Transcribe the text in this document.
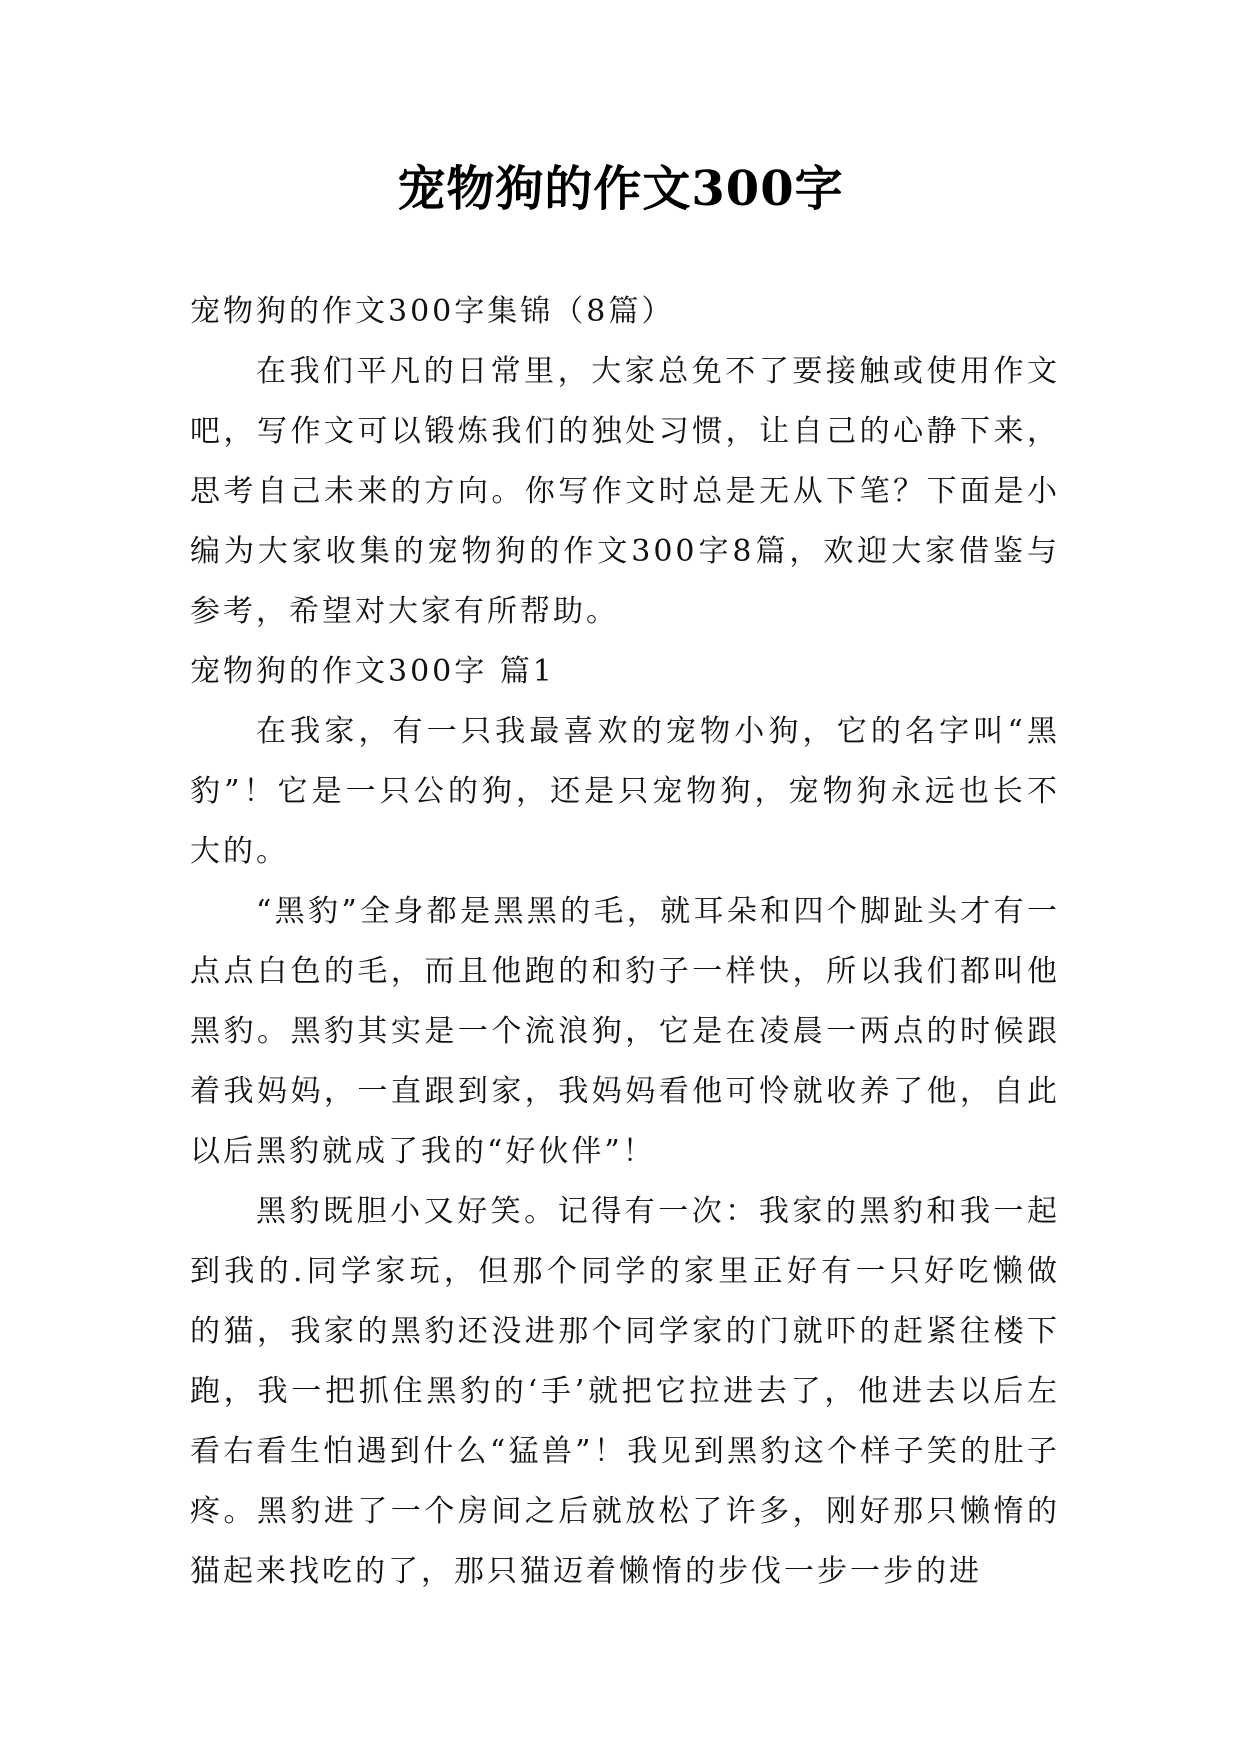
宠物狗的作文300字

宠物狗的作文300字集锦（8篇）

在我们平凡的日常里，大家总免不了要接触或使用作文吧，写作文可以锻炼我们的独处习惯，让自己的心静下来，思考自己未来的方向。你写作文时总是无从下笔？下面是小编为大家收集的宠物狗的作文300字8篇，欢迎大家借鉴与参考，希望对大家有所帮助。

宠物狗的作文300字 篇1

在我家，有一只我最喜欢的宠物小狗，它的名字叫“黑豹”！它是一只公的狗，还是只宠物狗，宠物狗永远也长不大的。

“黑豹”全身都是黑黑的毛，就耳朵和四个脚趾头才有一点点白色的毛，而且他跑的和豹子一样快，所以我们都叫他黑豹。黑豹其实是一个流浪狗，它是在凌晨一两点的时候跟着我妈妈，一直跟到家，我妈妈看他可怜就收养了他，自此以后黑豹就成了我的“好伙伴”！

黑豹既胆小又好笑。记得有一次：我家的黑豹和我一起到我的.同学家玩，但那个同学的家里正好有一只好吃懒做的猫，我家的黑豹还没进那个同学家的门就吓的赶紧往楼下跑，我一把抓住黑豹的‘手’就把它拉进去了，他进去以后左看右看生怕遇到什么“猛兽”！我见到黑豹这个样子笑的肚子疼。黑豹进了一个房间之后就放松了许多，刚好那只懒惰的猫起来找吃的了，那只猫迈着懒惰的步伐一步一步的进
